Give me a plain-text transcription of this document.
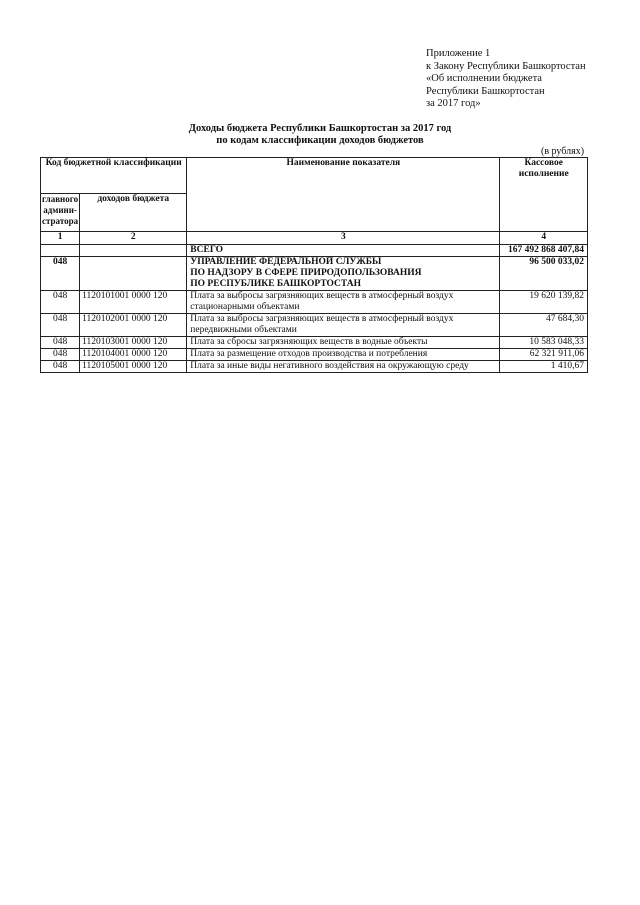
Приложение 1
к Закону Республики Башкортостан
«Об исполнении бюджета
Республики Башкортостан
за 2017 год»
Доходы бюджета Республики Башкортостан за 2017 год
по кодам классификации доходов бюджетов
(в рублях)
Код бюджетной классификации		Наименование показателя	Кассовое исполнение
главного админи-стратора	доходов бюджета		
1	2	3	4
		ВСЕГО	167 492 868 407,84
048		УПРАВЛЕНИЕ ФЕДЕРАЛЬНОЙ СЛУЖБЫ
ПО НАДЗОРУ В СФЕРЕ ПРИРОДОПОЛЬЗОВАНИЯ
ПО РЕСПУБЛИКЕ БАШКОРТОСТАН	96 500 033,02
048	1120101001 0000 120	Плата за выбросы загрязняющих веществ в атмосферный воздух стационарными объектами	19 620 139,82
048	1120102001 0000 120	Плата за выбросы загрязняющих веществ в атмосферный воздух передвижными объектами	47 684,30
048	1120103001 0000 120	Плата за сбросы загрязняющих веществ в водные объекты	10 583 048,33
048	1120104001 0000 120	Плата за размещение отходов производства и потребления	62 321 911,06
048	1120105001 0000 120	Плата за иные виды негативного воздействия на окружающую среду	1 410,67
